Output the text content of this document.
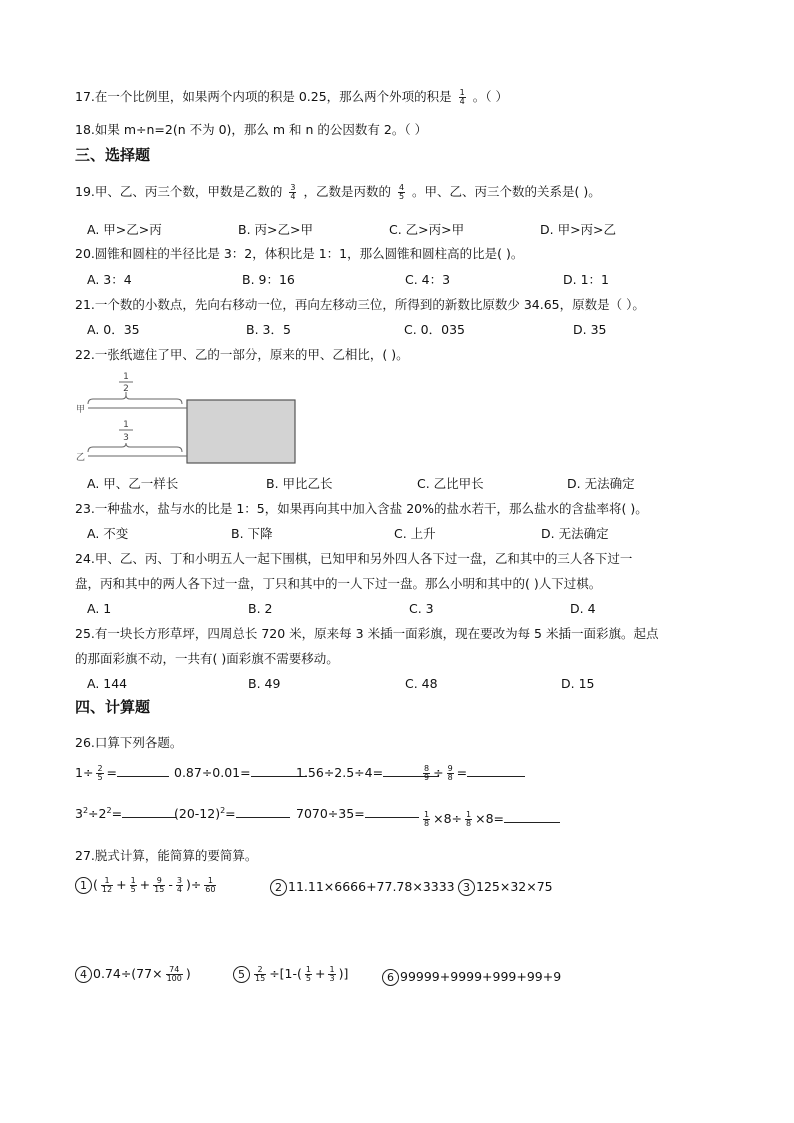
17.在一个比例里，如果两个内项的积是 0.25，那么两个外项的积是 $\frac{1}{4}$ 。（ ）
18.如果 m÷n=2(n 不为 0)，那么 m 和 n 的公因数有 2。（ ）
三、选择题
19.甲、乙、丙三个数，甲数是乙数的 $\frac{3}{4}$ ，乙数是丙数的 $\frac{4}{5}$ 。甲、乙、丙三个数的关系是( )。
A. 甲>乙>丙	B. 丙>乙>甲	C. 乙>丙>甲	D. 甲>丙>乙
20.圆锥和圆柱的半径比是 3：2，体积比是 1：1，那么圆锥和圆柱高的比是( )。
A. 3：4	B. 9：16	C. 4：3	D. 1：1
21.一个数的小数点，先向右移动一位，再向左移动三位，所得到的新数比原数少 34.65，原数是（ ）。
A. 0．35	B. 3．5	C. 0．035	D. 35
22.一张纸遮住了甲、乙的一部分，原来的甲、乙相比，( )。
1
2
甲
1
3
乙
A. 甲、乙一样长	B. 甲比乙长	C. 乙比甲长	D. 无法确定
23.一种盐水，盐与水的比是 1：5，如果再向其中加入含盐 20%的盐水若干，那么盐水的含盐率将( )。
A. 不变	B. 下降	C. 上升	D. 无法确定
24.甲、乙、丙、丁和小明五人一起下围棋，已知甲和另外四人各下过一盘，乙和其中的三人各下过一
盘，丙和其中的两人各下过一盘，丁只和其中的一人下过一盘。那么小明和其中的( )人下过棋。
A. 1	B. 2	C. 3	D. 4
25.有一块长方形草坪，四周总长 720 米，原来每 3 米插一面彩旗，现在要改为每 5 米插一面彩旗。起点
的那面彩旗不动，一共有( )面彩旗不需要移动。
A. 144	B. 49	C. 48	D. 15
四、计算题
26.口算下列各题。
$1\div \frac{2}{5}$ =	0.87÷0.01=	1.56÷2.5÷4=	$\frac{8}{9} \div \frac{9}{8}$ =
$3^2\div 2^2=$	$(20-12)^2=$	7070÷35=	$\frac{1}{8} \times 8\div \frac{1}{8} \times 8=$
27.脱式计算，能简算的要简算。
1 ( $\frac{1}{12} + \frac{1}{5} + \frac{9}{15} - \frac{3}{4}$ )÷ $\frac{1}{60}$	2 11.11×6666+77.78×3333 3 125×32×75
4 $0.74\div(77\times \frac{74}{100}$ )	$5 \frac{2}{15} \div[1-( \frac{1}{5} + \frac{1}{3}$ )]	6 99999+9999+999+99+9
